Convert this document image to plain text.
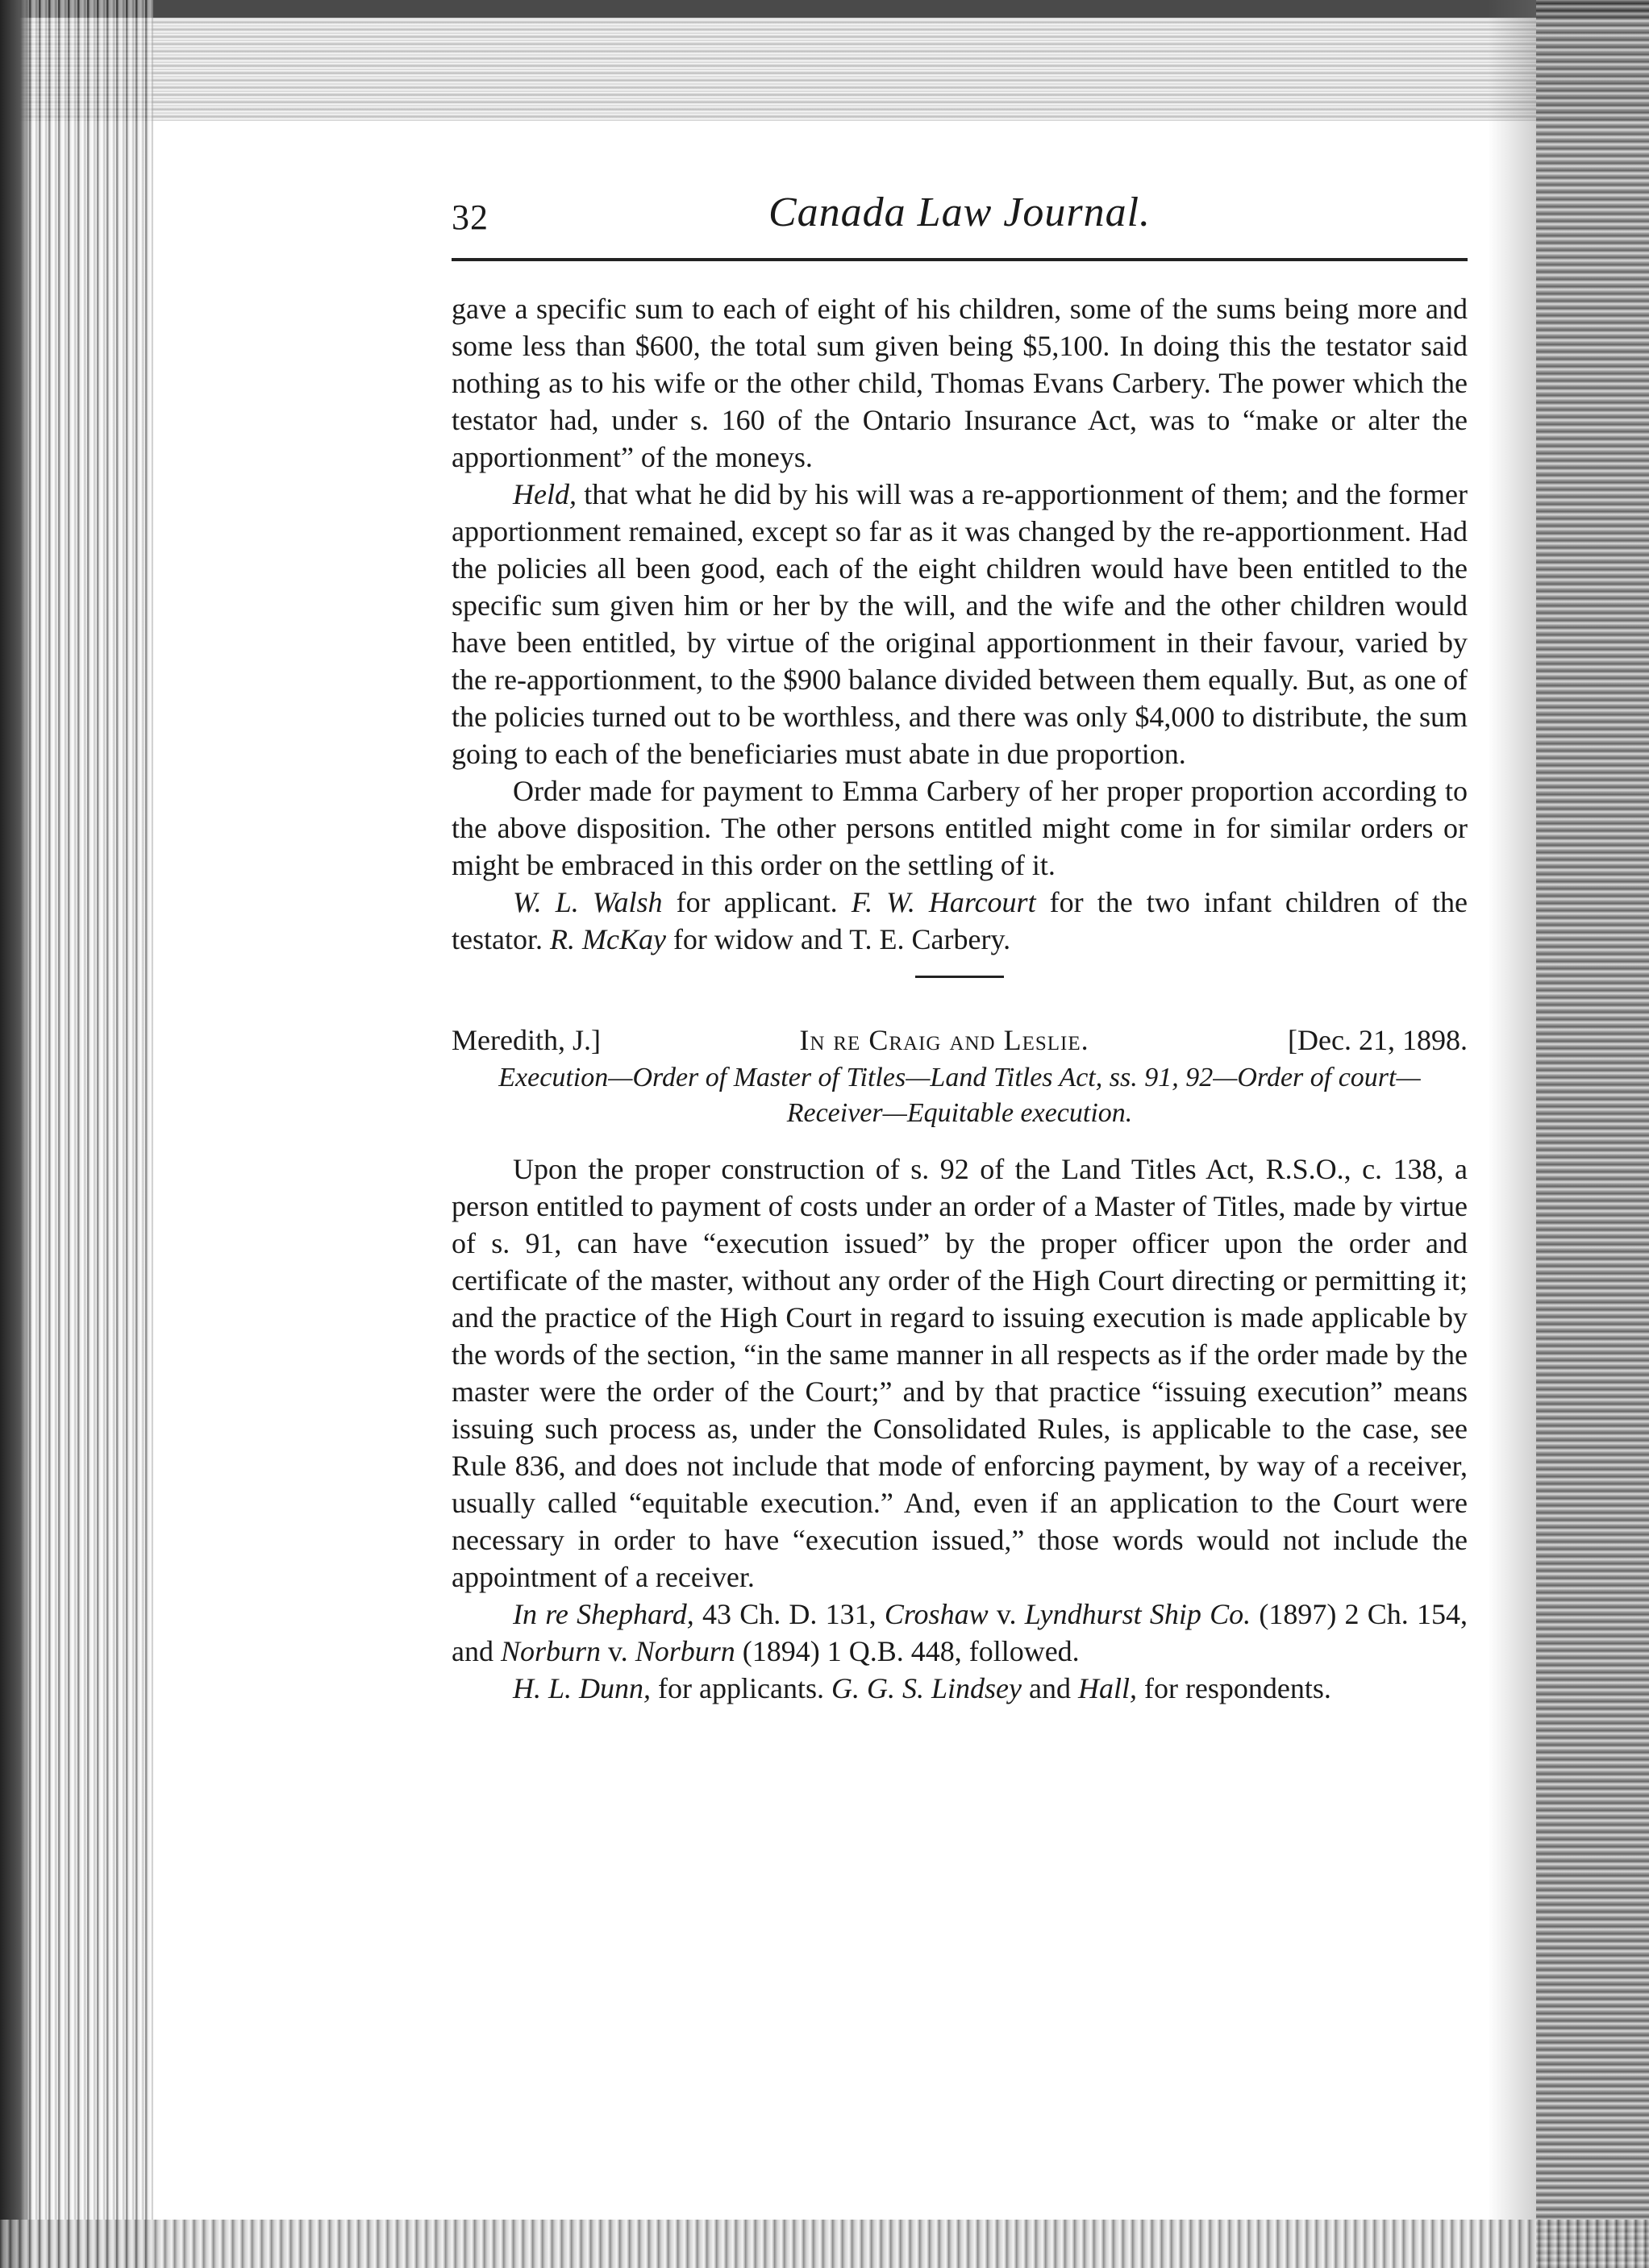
32	Canada Law Journal.

gave a specific sum to each of eight of his children, some of the sums being more and some less than $600, the total sum given being $5,100. In doing this the testator said nothing as to his wife or the other child, Thomas Evans Carbery. The power which the testator had, under s. 160 of the Ontario Insurance Act, was to “make or alter the apportionment” of the moneys.

Held, that what he did by his will was a re-apportionment of them; and the former apportionment remained, except so far as it was changed by the re-apportionment. Had the policies all been good, each of the eight children would have been entitled to the specific sum given him or her by the will, and the wife and the other children would have been entitled, by virtue of the original apportionment in their favour, varied by the re-apportionment, to the $900 balance divided between them equally. But, as one of the policies turned out to be worthless, and there was only $4,000 to distribute, the sum going to each of the beneficiaries must abate in due proportion.

Order made for payment to Emma Carbery of her proper proportion according to the above disposition. The other persons entitled might come in for similar orders or might be embraced in this order on the settling of it.

W. L. Walsh for applicant. F. W. Harcourt for the two infant children of the testator. R. McKay for widow and T. E. Carbery.

Meredith, J.]	In re Craig and Leslie.	[Dec. 21, 1898.
Execution—Order of Master of Titles—Land Titles Act, ss. 91, 92—Order of court—Receiver—Equitable execution.

Upon the proper construction of s. 92 of the Land Titles Act, R.S.O., c. 138, a person entitled to payment of costs under an order of a Master of Titles, made by virtue of s. 91, can have “execution issued” by the proper officer upon the order and certificate of the master, without any order of the High Court directing or permitting it; and the practice of the High Court in regard to issuing execution is made applicable by the words of the section, “in the same manner in all respects as if the order made by the master were the order of the Court;” and by that practice “issuing execution” means issuing such process as, under the Consolidated Rules, is applicable to the case, see Rule 836, and does not include that mode of enforcing payment, by way of a receiver, usually called “equitable execution.” And, even if an application to the Court were necessary in order to have “execution issued,” those words would not include the appointment of a receiver.

In re Shephard, 43 Ch. D. 131, Croshaw v. Lyndhurst Ship Co. (1897) 2 Ch. 154, and Norburn v. Norburn (1894) 1 Q.B. 448, followed.

H. L. Dunn, for applicants. G. G. S. Lindsey and Hall, for respondents.
